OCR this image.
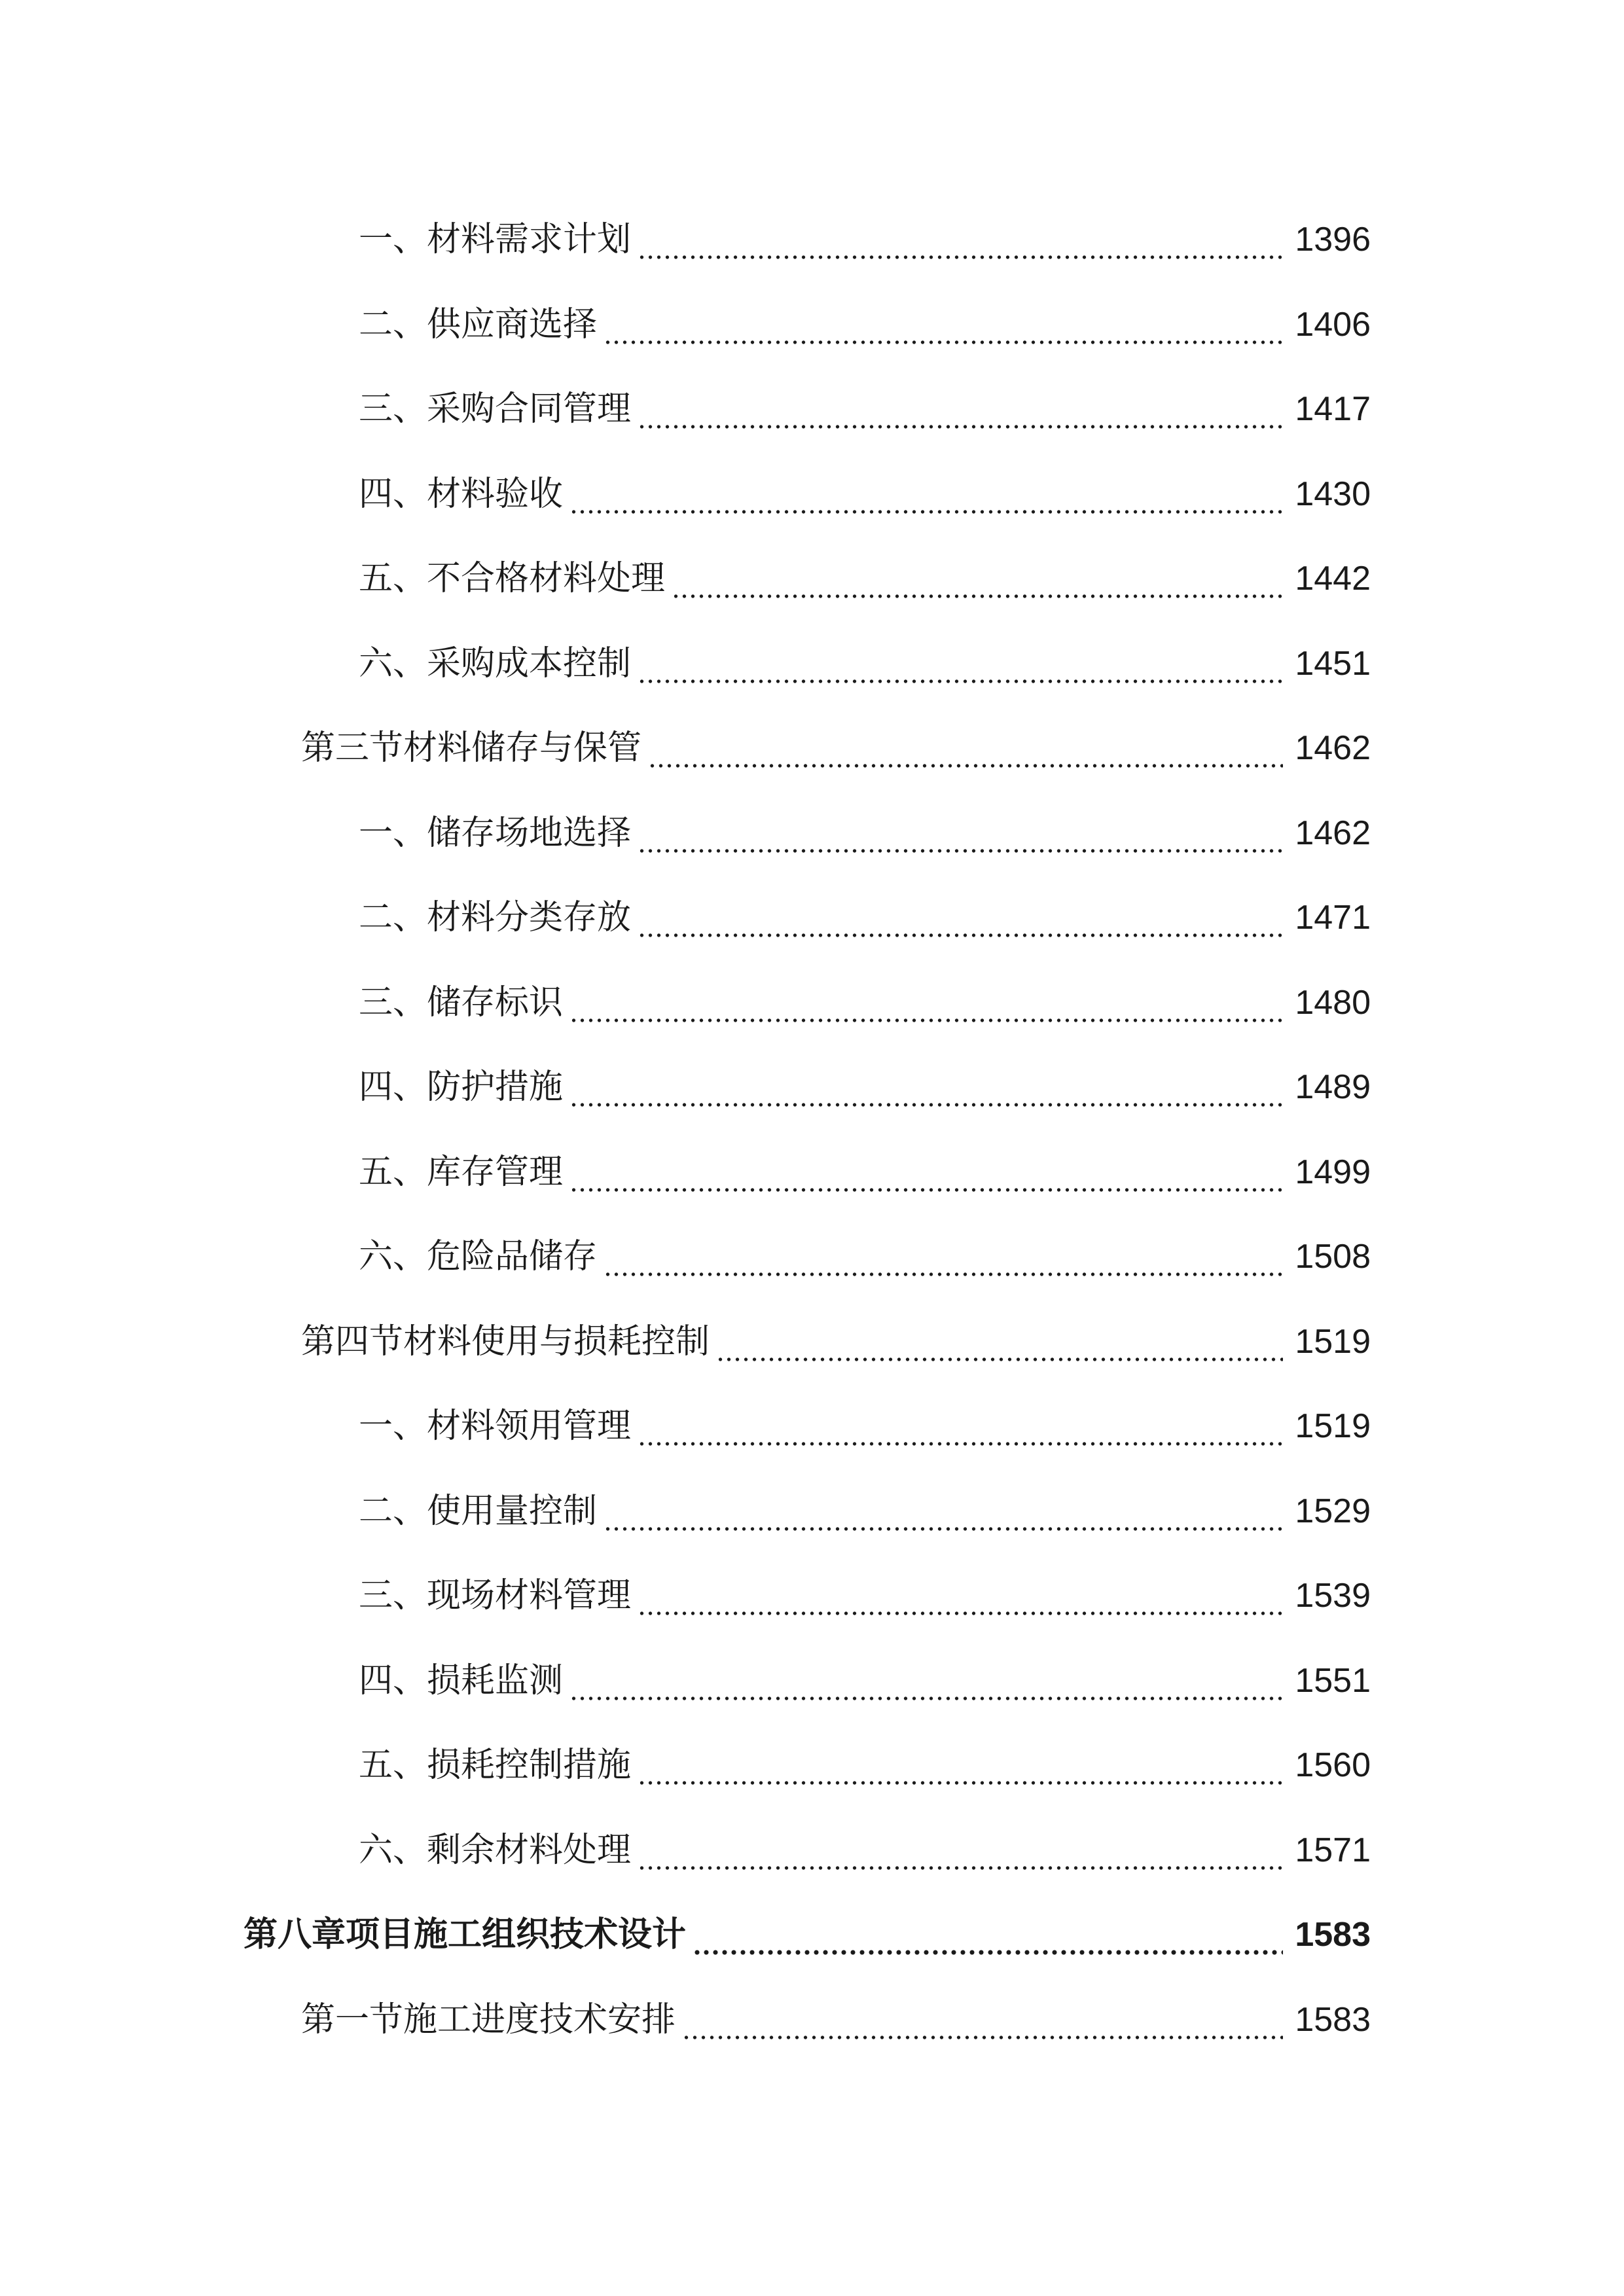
一、材料需求计划	1396
二、供应商选择	1406
三、采购合同管理	1417
四、材料验收	1430
五、不合格材料处理	1442
六、采购成本控制	1451
第三节材料储存与保管	1462
一、储存场地选择	1462
二、材料分类存放	1471
三、储存标识	1480
四、防护措施	1489
五、库存管理	1499
六、危险品储存	1508
第四节材料使用与损耗控制	1519
一、材料领用管理	1519
二、使用量控制	1529
三、现场材料管理	1539
四、损耗监测	1551
五、损耗控制措施	1560
六、剩余材料处理	1571
第八章项目施工组织技术设计	1583
第一节施工进度技术安排	1583
